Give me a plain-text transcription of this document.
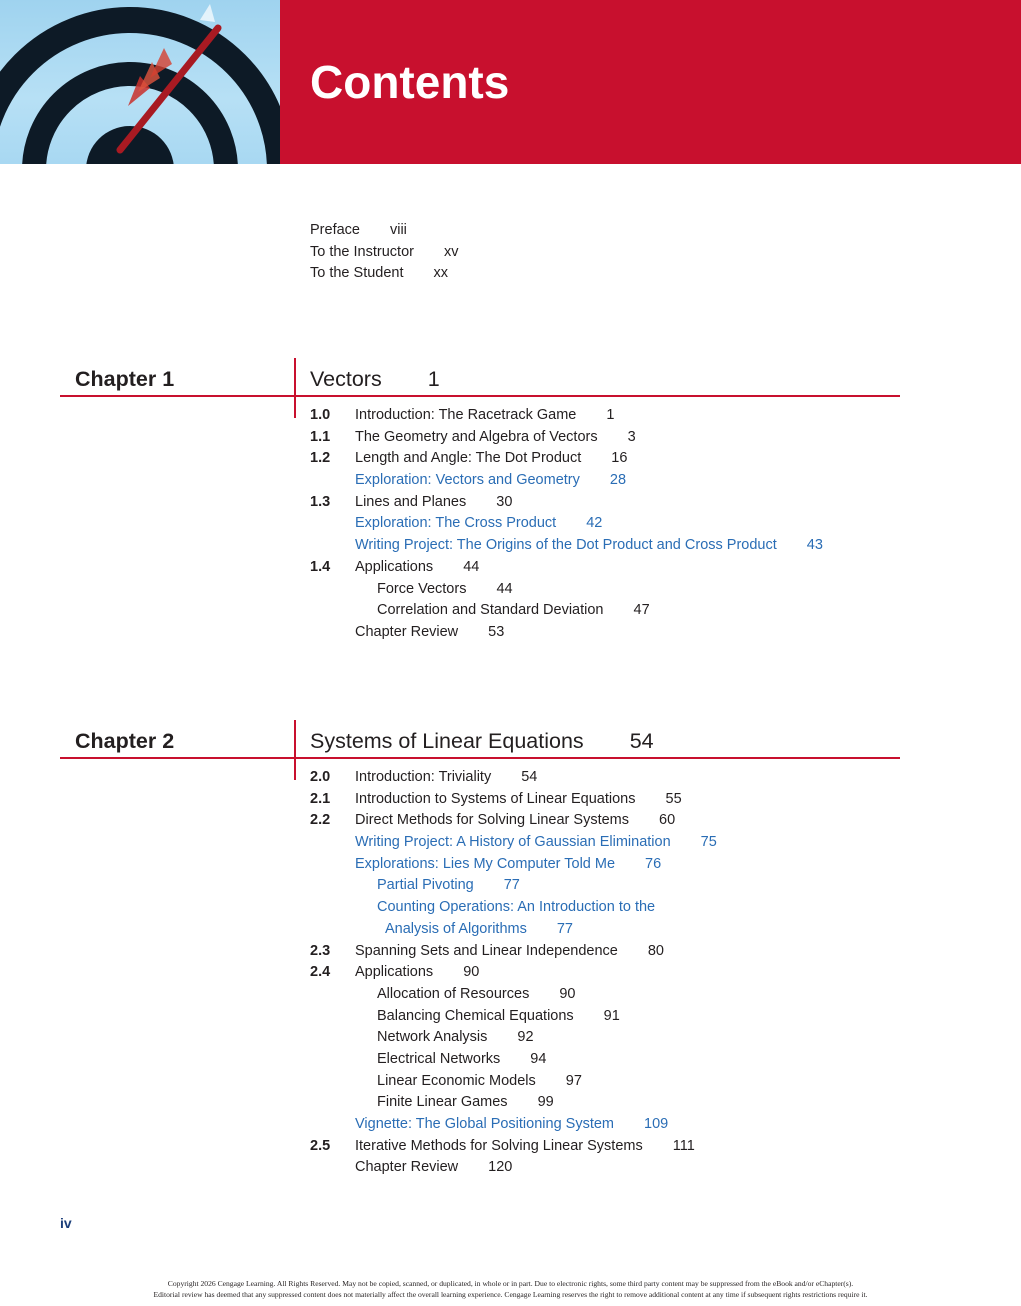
Contents
Preface viii
To the Instructor xv
To the Student xx
Chapter 1	Vectors 1
1.0 Introduction: The Racetrack Game 1
1.1 The Geometry and Algebra of Vectors 3
1.2 Length and Angle: The Dot Product 16
Exploration: Vectors and Geometry 28
1.3 Lines and Planes 30
Exploration: The Cross Product 42
Writing Project: The Origins of the Dot Product and Cross Product 43
1.4 Applications 44
Force Vectors 44
Correlation and Standard Deviation 47
Chapter Review 53
Chapter 2	Systems of Linear Equations 54
2.0 Introduction: Triviality 54
2.1 Introduction to Systems of Linear Equations 55
2.2 Direct Methods for Solving Linear Systems 60
Writing Project: A History of Gaussian Elimination 75
Explorations: Lies My Computer Told Me 76
Partial Pivoting 77
Counting Operations: An Introduction to the
Analysis of Algorithms 77
2.3 Spanning Sets and Linear Independence 80
2.4 Applications 90
Allocation of Resources 90
Balancing Chemical Equations 91
Network Analysis 92
Electrical Networks 94
Linear Economic Models 97
Finite Linear Games 99
Vignette: The Global Positioning System 109
2.5 Iterative Methods for Solving Linear Systems 111
Chapter Review 120
iv
Copyright 2026 Cengage Learning. All Rights Reserved. May not be copied, scanned, or duplicated, in whole or in part. Due to electronic rights, some third party content may be suppressed from the eBook and/or eChapter(s).
Editorial review has deemed that any suppressed content does not materially affect the overall learning experience. Cengage Learning reserves the right to remove additional content at any time if subsequent rights restrictions require it.
